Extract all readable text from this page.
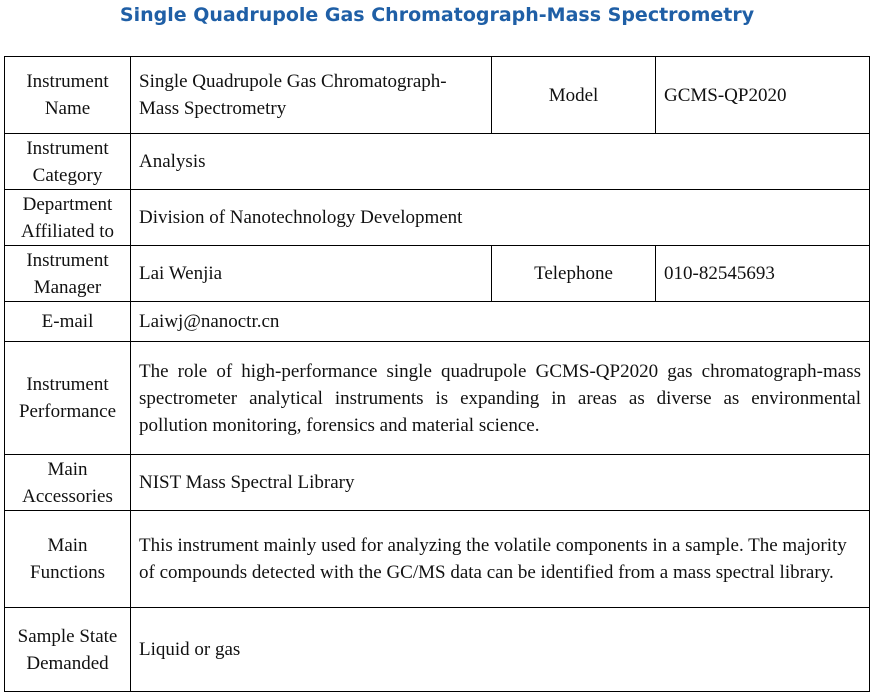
Single Quadrupole Gas Chromatograph-Mass Spectrometry
Instrument Name	Single Quadrupole Gas Chromatograph-Mass Spectrometry	Model	GCMS-QP2020
Instrument Category	Analysis		
Department Affiliated to	Division of Nanotechnology Development		
Instrument Manager	Lai Wenjia	Telephone	010-82545693
E-mail	Laiwj@nanoctr.cn		
Instrument Performance	The role of high-performance single quadrupole GCMS-QP2020 gas chromatograph-mass spectrometer analytical instruments is expanding in areas as diverse as environmental pollution monitoring, forensics and material science.		
Main Accessories	NIST Mass Spectral Library		
Main Functions	This instrument mainly used for analyzing the volatile components in a sample. The majority of compounds detected with the GC/MS data can be identified from a mass spectral library.		
Sample State Demanded	Liquid or gas		
